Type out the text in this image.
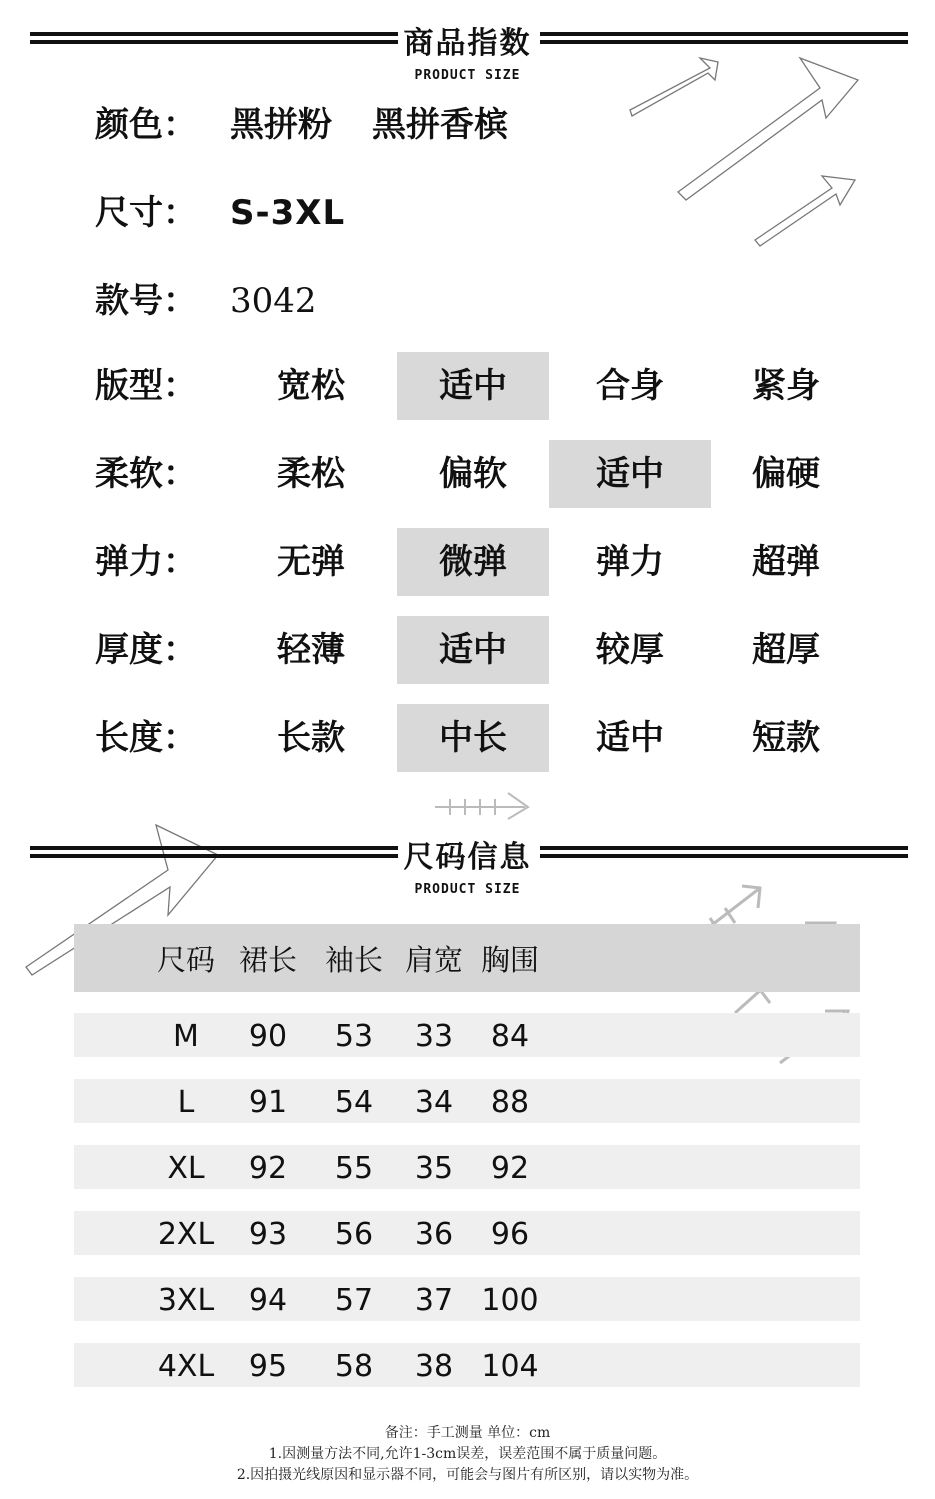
商品指数
PRODUCT SIZE
颜色： 黑拼粉 黑拼香槟
尺寸： S-3XL
款号： 3042
版型：	宽松	适中	合身	紧身
柔软：	柔松	偏软	适中	偏硬
弹力：	无弹	微弹	弹力	超弹
厚度：	轻薄	适中	较厚	超厚
长度：	长款	中长	适中	短款
尺码信息
PRODUCT SIZE
尺码 裙长 袖长 肩宽 胸围
M	90	53	33	84
L	91	54	34	88
XL	92	55	35	92
2XL	93	56	36	96
3XL	94	57	37 100
4XL	95	58	38 104
备注：手工测量 单位：cm
1.因测量方法不同,允许1-3cm误差，误差范围不属于质量问题。
2.因拍摄光线原因和显示器不同，可能会与图片有所区别，请以实物为准。
